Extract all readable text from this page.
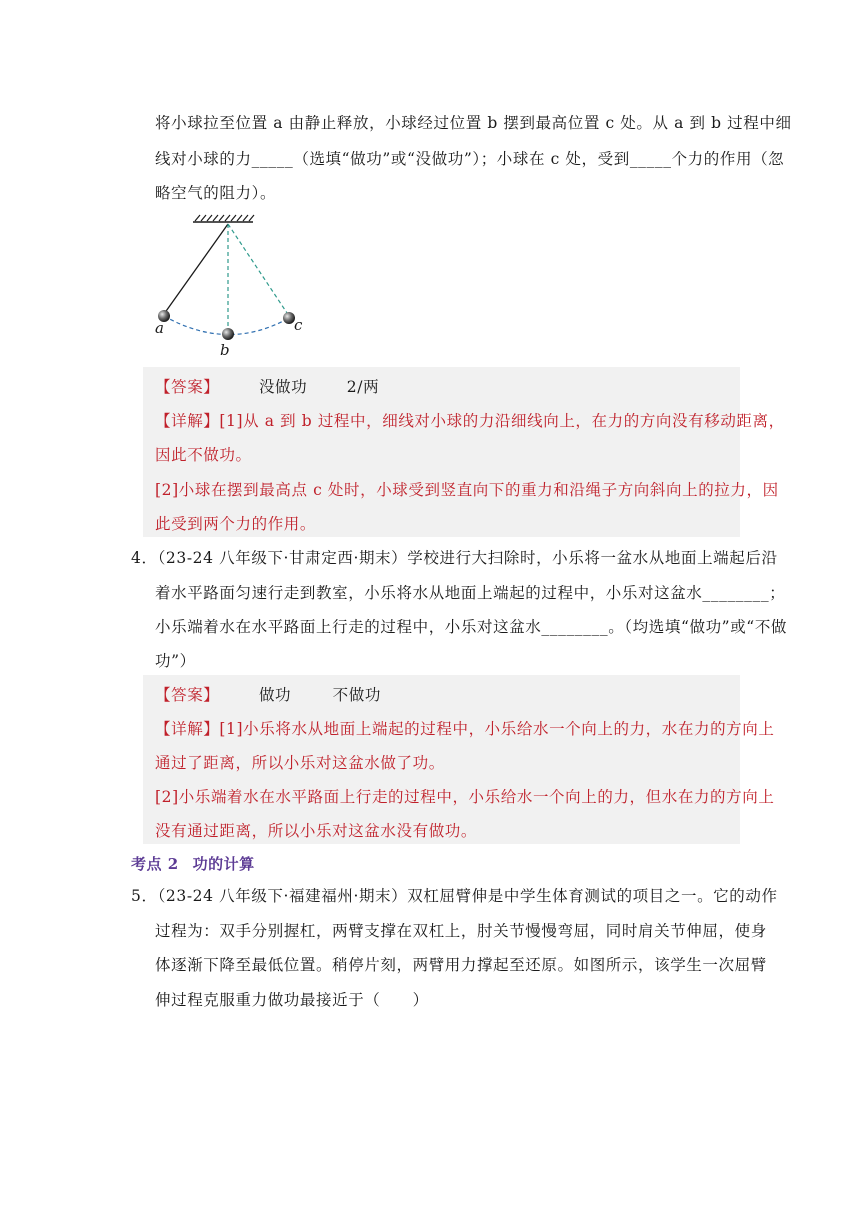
将小球拉至位置 a 由静止释放，小球经过位置 b 摆到最高位置 c 处。从 a 到 b 过程中细
线对小球的力_____（选填“做功”或“没做功”）；小球在 c 处，受到_____个力的作用（忽
略空气的阻力）。
a
b
c
【答案】	没做功	2/两
【详解】[1]从 a 到 b 过程中，细线对小球的力沿细线向上，在力的方向没有移动距离，
因此不做功。
[2]小球在摆到最高点 c 处时，小球受到竖直向下的重力和沿绳子方向斜向上的拉力，因
此受到两个力的作用。
4．（23-24 八年级下·甘肃定西·期末）学校进行大扫除时，小乐将一盆水从地面上端起后沿
着水平路面匀速行走到教室，小乐将水从地面上端起的过程中，小乐对这盆水________；
小乐端着水在水平路面上行走的过程中，小乐对这盆水________。（均选填“做功”或“不做
功”）
【答案】	做功	不做功
【详解】[1]小乐将水从地面上端起的过程中，小乐给水一个向上的力，水在力的方向上
通过了距离，所以小乐对这盆水做了功。
[2]小乐端着水在水平路面上行走的过程中，小乐给水一个向上的力，但水在力的方向上
没有通过距离，所以小乐对这盆水没有做功。
考点 2 功的计算
5．（23-24 八年级下·福建福州·期末）双杠屈臂伸是中学生体育测试的项目之一。它的动作
过程为：双手分别握杠，两臂支撑在双杠上，肘关节慢慢弯屈，同时肩关节伸屈，使身
体逐渐下降至最低位置。稍停片刻，两臂用力撑起至还原。如图所示，该学生一次屈臂
伸过程克服重力做功最接近于（　　）
